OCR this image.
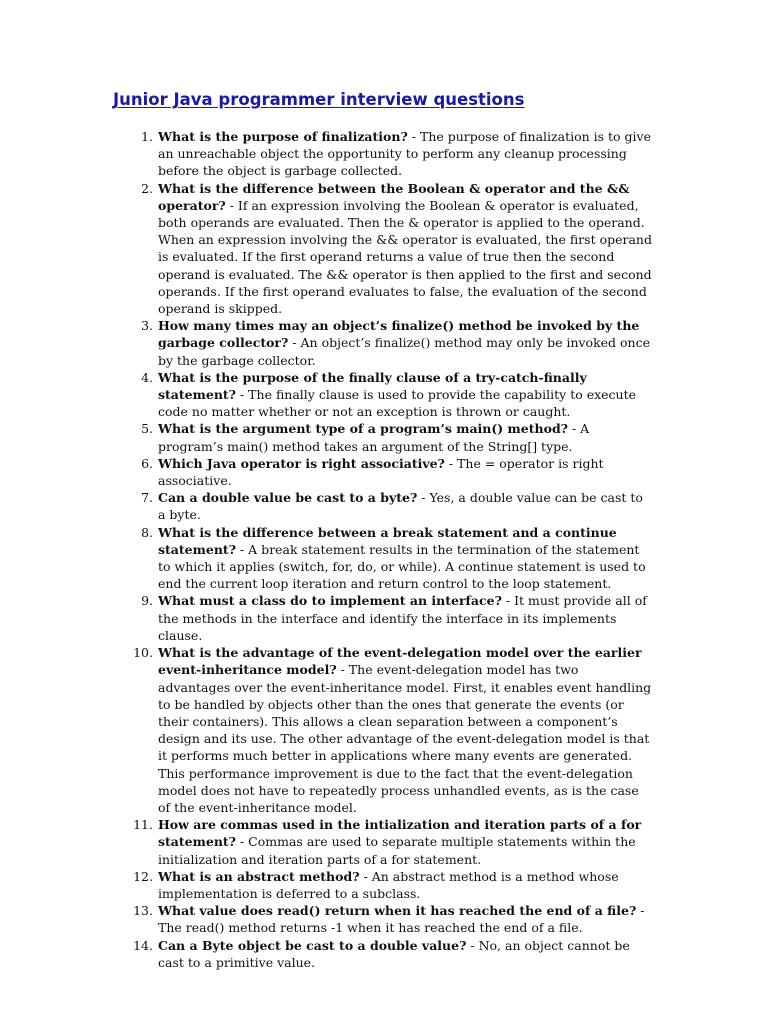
Junior Java programmer interview questions
1. What is the purpose of finalization? - The purpose of finalization is to give an unreachable object the opportunity to perform any cleanup processing before the object is garbage collected.
2. What is the difference between the Boolean & operator and the && operator? - If an expression involving the Boolean & operator is evaluated, both operands are evaluated. Then the & operator is applied to the operand. When an expression involving the && operator is evaluated, the first operand is evaluated. If the first operand returns a value of true then the second operand is evaluated. The && operator is then applied to the first and second operands. If the first operand evaluates to false, the evaluation of the second operand is skipped.
3. How many times may an object’s finalize() method be invoked by the garbage collector? - An object’s finalize() method may only be invoked once by the garbage collector.
4. What is the purpose of the finally clause of a try-catch-finally statement? - The finally clause is used to provide the capability to execute code no matter whether or not an exception is thrown or caught.
5. What is the argument type of a program’s main() method? - A program’s main() method takes an argument of the String[] type.
6. Which Java operator is right associative? - The = operator is right associative.
7. Can a double value be cast to a byte? - Yes, a double value can be cast to a byte.
8. What is the difference between a break statement and a continue statement? - A break statement results in the termination of the statement to which it applies (switch, for, do, or while). A continue statement is used to end the current loop iteration and return control to the loop statement.
9. What must a class do to implement an interface? - It must provide all of the methods in the interface and identify the interface in its implements clause.
10. What is the advantage of the event-delegation model over the earlier event-inheritance model? - The event-delegation model has two advantages over the event-inheritance model. First, it enables event handling to be handled by objects other than the ones that generate the events (or their containers). This allows a clean separation between a component’s design and its use. The other advantage of the event-delegation model is that it performs much better in applications where many events are generated. This performance improvement is due to the fact that the event-delegation model does not have to repeatedly process unhandled events, as is the case of the event-inheritance model.
11. How are commas used in the intialization and iteration parts of a for statement? - Commas are used to separate multiple statements within the initialization and iteration parts of a for statement.
12. What is an abstract method? - An abstract method is a method whose implementation is deferred to a subclass.
13. What value does read() return when it has reached the end of a file? - The read() method returns -1 when it has reached the end of a file.
14. Can a Byte object be cast to a double value? - No, an object cannot be cast to a primitive value.
